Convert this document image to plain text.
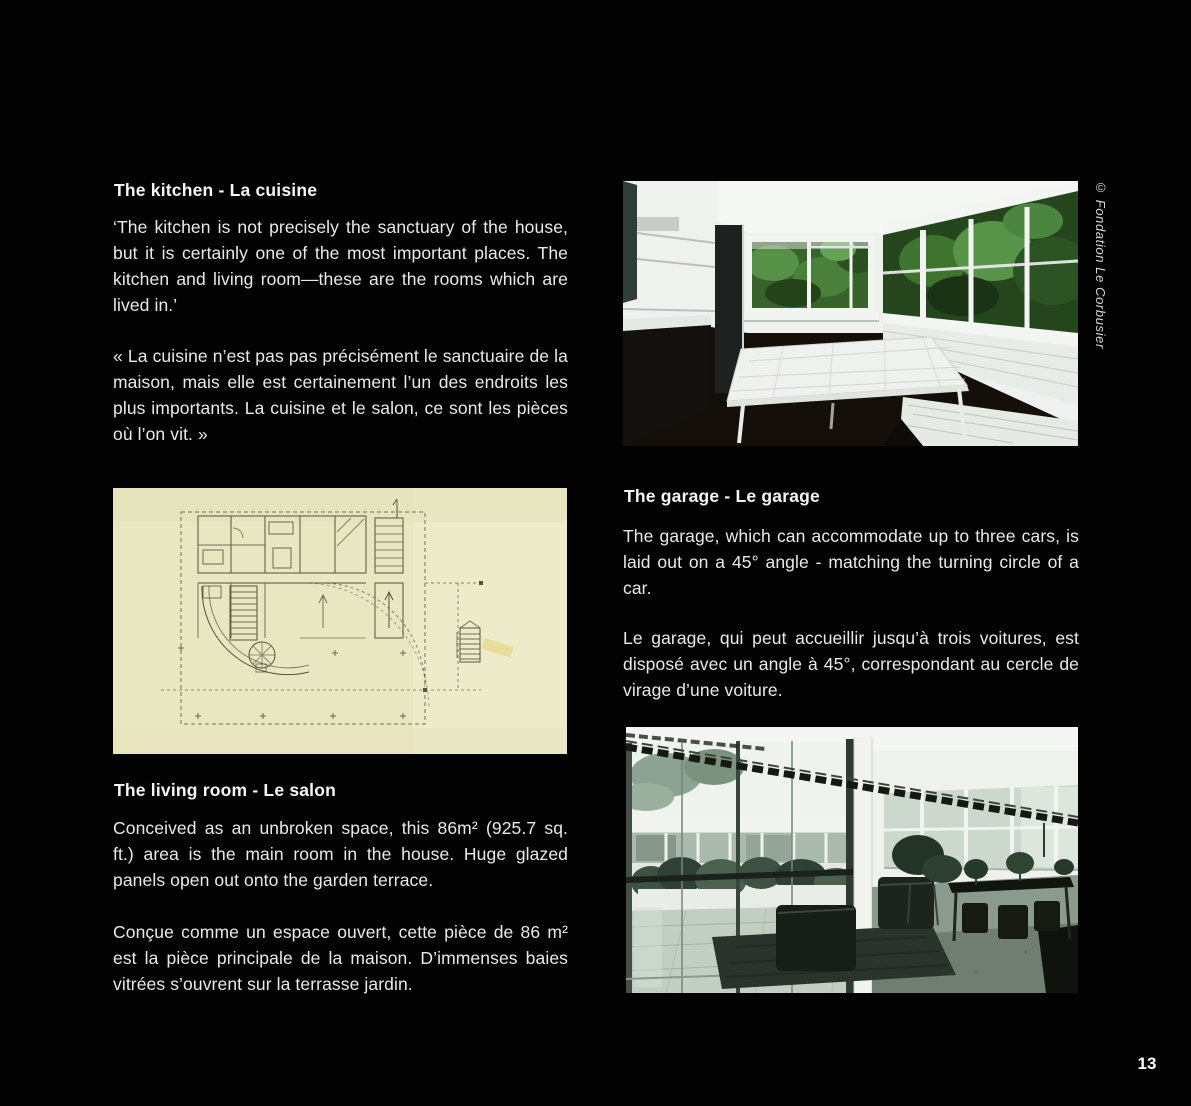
The kitchen - La cuisine

‘The kitchen is not precisely the sanctuary of the house, but it is certainly one of the most important places. The kitchen and living room—these are the rooms which are lived in.’

« La cuisine n’est pas pas précisément le sanctuaire de la maison, mais elle est certainement l’un des endroits les plus importants. La cuisine et le salon, ce sont les pièces où l’on vit. »

The living room - Le salon

Conceived as an unbroken space, this 86m² (925.7 sq. ft.) area is the main room in the house. Huge glazed panels open out onto the garden terrace.

Conçue comme un espace ouvert, cette pièce de 86 m² est la pièce principale de la maison. D’immenses baies vitrées s’ouvrent sur la terrasse jardin.

The garage - Le garage

The garage, which can accommodate up to three cars, is laid out on a 45° angle - matching the turning circle of a car.

Le garage, qui peut accueillir jusqu’à trois voitures, est disposé avec un angle à 45°, correspondant au cercle de virage d’une voiture.

© Fondation Le Corbusier
13
